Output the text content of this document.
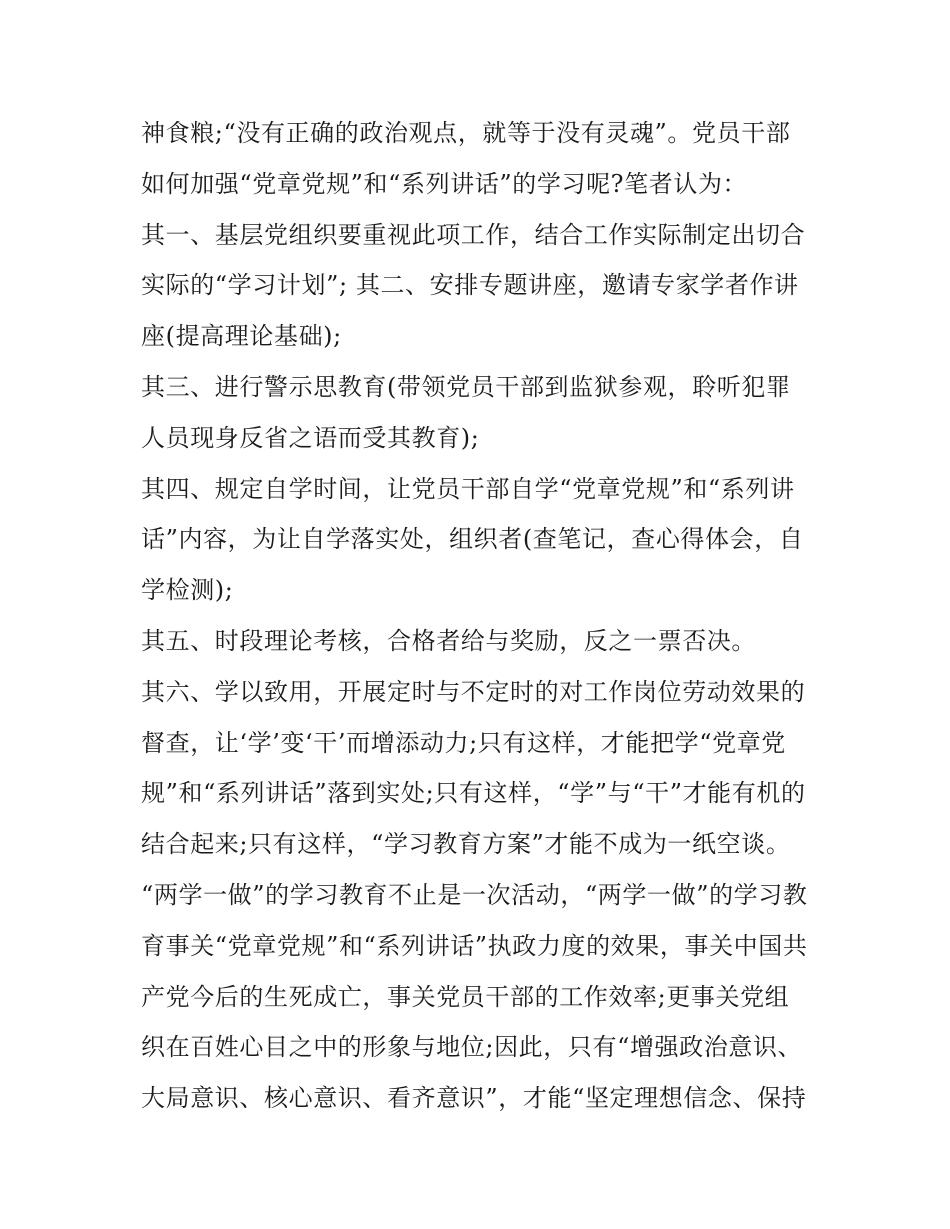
神食粮;“没有正确的政治观点，就等于没有灵魂”。党员干部
如何加强“党章党规”和“系列讲话”的学习呢?笔者认为：
其一、基层党组织要重视此项工作，结合工作实际制定出切合
实际的“学习计划”; 其二、安排专题讲座，邀请专家学者作讲
座(提高理论基础);
其三、进行警示思教育(带领党员干部到监狱参观，聆听犯罪
人员现身反省之语而受其教育);
其四、规定自学时间，让党员干部自学“党章党规”和“系列讲
话”内容，为让自学落实处，组织者(查笔记，查心得体会，自
学检测);
其五、时段理论考核，合格者给与奖励，反之一票否决。
其六、学以致用，开展定时与不定时的对工作岗位劳动效果的
督查，让‘学’变‘干’而增添动力;只有这样，才能把学“党章党
规”和“系列讲话”落到实处;只有这样，“学”与“干”才能有机的
结合起来;只有这样，“学习教育方案”才能不成为一纸空谈。
“两学一做”的学习教育不止是一次活动，“两学一做”的学习教
育事关“党章党规”和“系列讲话”执政力度的效果，事关中国共
产党今后的生死成亡，事关党员干部的工作效率;更事关党组
织在百姓心目之中的形象与地位;因此，只有“增强政治意识、
大局意识、核心意识、看齐意识”，才能“坚定理想信念、保持
